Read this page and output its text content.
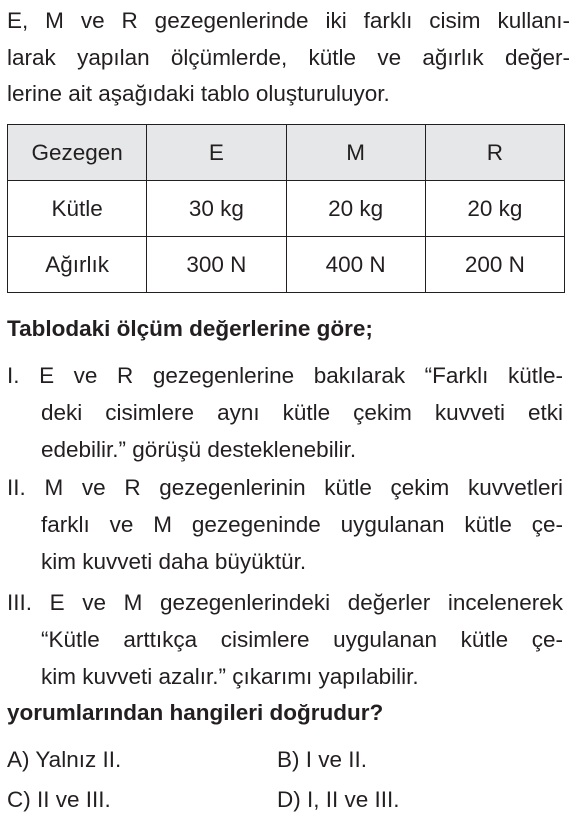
E, M ve R gezegenlerinde iki farklı cisim kullanı-
larak yapılan ölçümlerde, kütle ve ağırlık değer-
lerine ait aşağıdaki tablo oluşturuluyor.
Gezegen	E	M	R
Kütle	30 kg	20 kg	20 kg
Ağırlık	300 N	400 N	200 N
Tablodaki ölçüm değerlerine göre;
I. E ve R gezegenlerine bakılarak “Farklı kütle-
deki cisimlere aynı kütle çekim kuvveti etki
edebilir.” görüşü desteklenebilir.
II. M ve R gezegenlerinin kütle çekim kuvvetleri
farklı ve M gezegeninde uygulanan kütle çe-
kim kuvveti daha büyüktür.
III. E ve M gezegenlerindeki değerler incelenerek
“Kütle arttıkça cisimlere uygulanan kütle çe-
kim kuvveti azalır.” çıkarımı yapılabilir.
yorumlarından hangileri doğrudur?
A) Yalnız II.	B) I ve II.
C) II ve III.	D) I, II ve III.
